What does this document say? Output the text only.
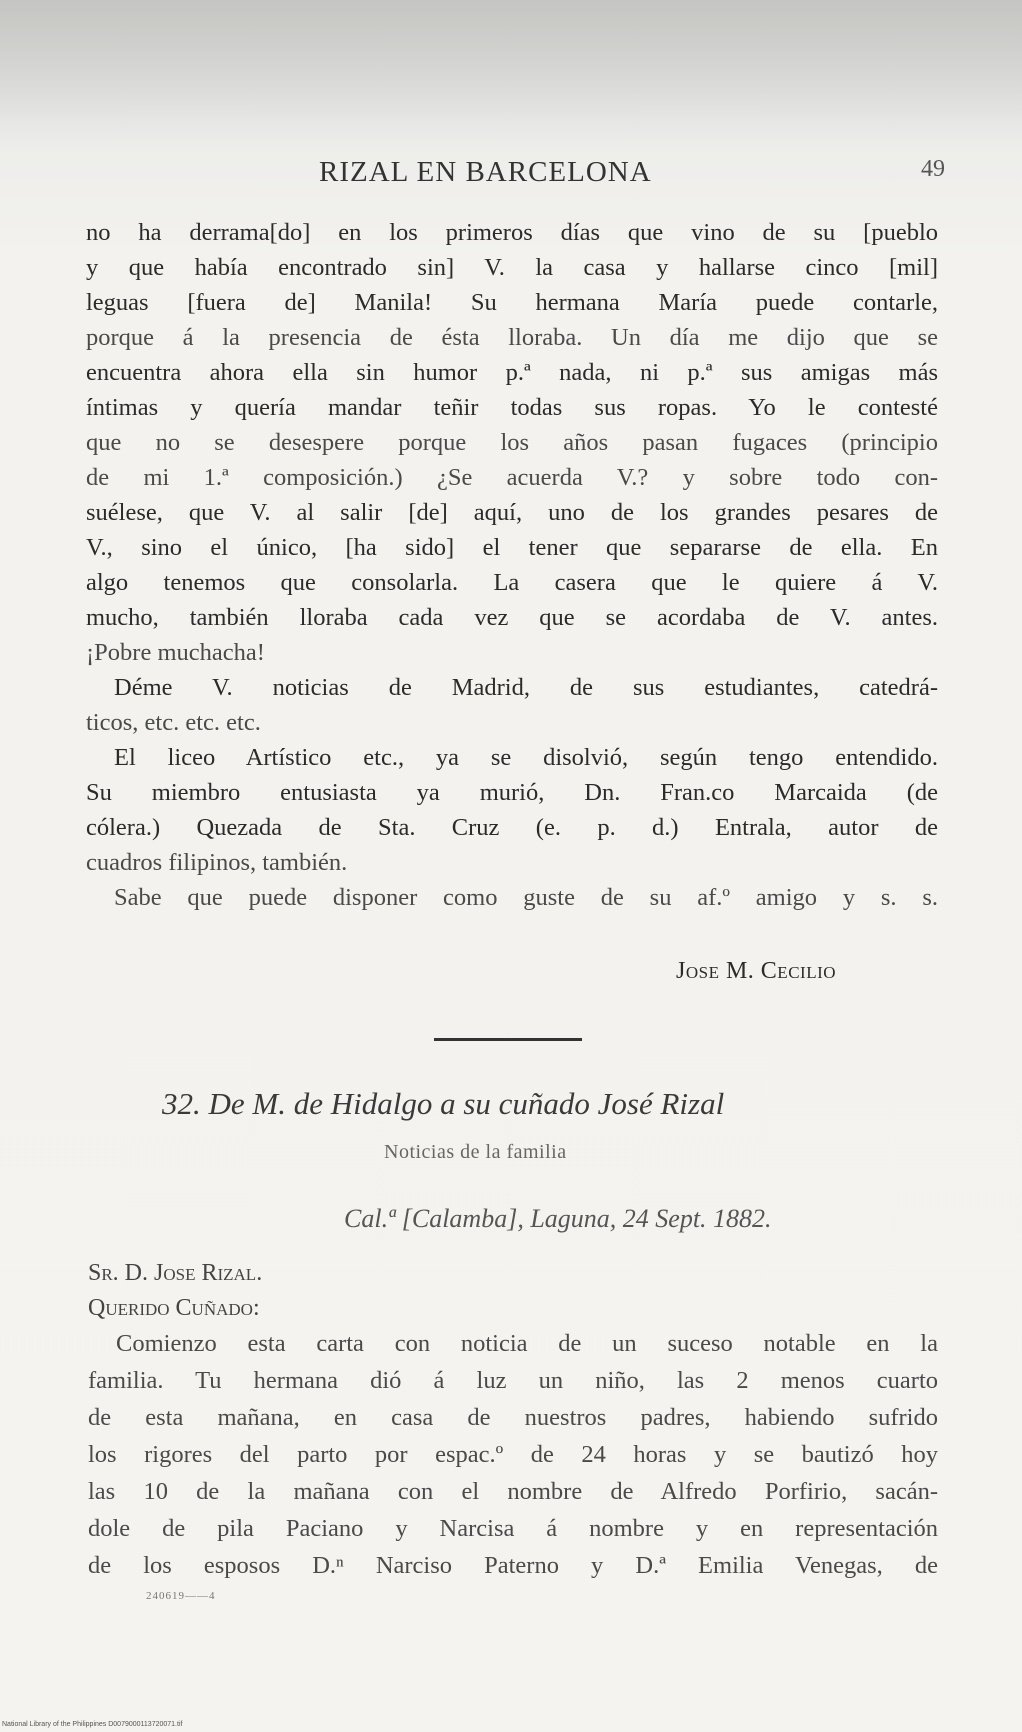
RIZAL EN BARCELONA	49
no ha derrama[do] en los primeros días que vino de su [pueblo
y que había encontrado sin] V. la casa y hallarse cinco [mil]
leguas [fuera de] Manila! Su hermana María puede contarle,
porque á la presencia de ésta lloraba. Un día me dijo que se
encuentra ahora ella sin humor p.ª nada, ni p.ª sus amigas más
íntimas y quería mandar teñir todas sus ropas. Yo le contesté
que no se desespere porque los años pasan fugaces (principio
de mi 1.ª composición.) ¿Se acuerda V.? y sobre todo con-
suélese, que V. al salir [de] aquí, uno de los grandes pesares de
V., sino el único, [ha sido] el tener que separarse de ella. En
algo tenemos que consolarla. La casera que le quiere á V.
mucho, también lloraba cada vez que se acordaba de V. antes.
¡Pobre muchacha!
Déme V. noticias de Madrid, de sus estudiantes, catedrá-
ticos, etc. etc. etc.
El liceo Artístico etc., ya se disolvió, según tengo entendido.
Su miembro entusiasta ya murió, Dn. Fran.co Marcaida (de
cólera.) Quezada de Sta. Cruz (e. p. d.) Entrala, autor de
cuadros filipinos, también.
Sabe que puede disponer como guste de su af.º amigo y s. s.
Jose M. Cecilio
32. De M. de Hidalgo a su cuñado José Rizal
Noticias de la familia
Cal.ª [Calamba], Laguna, 24 Sept. 1882.
Sr. D. Jose Rizal.
Querido Cuñado:
Comienzo esta carta con noticia de un suceso notable en la
familia. Tu hermana dió á luz un niño, las 2 menos cuarto
de esta mañana, en casa de nuestros padres, habiendo sufrido
los rigores del parto por espac.º de 24 horas y se bautizó hoy
las 10 de la mañana con el nombre de Alfredo Porfirio, sacán-
dole de pila Paciano y Narcisa á nombre y en representación
de los esposos D.ⁿ Narciso Paterno y D.ª Emilia Venegas, de
240619——4
National Library of the Philippines D0079000113720071.tif
